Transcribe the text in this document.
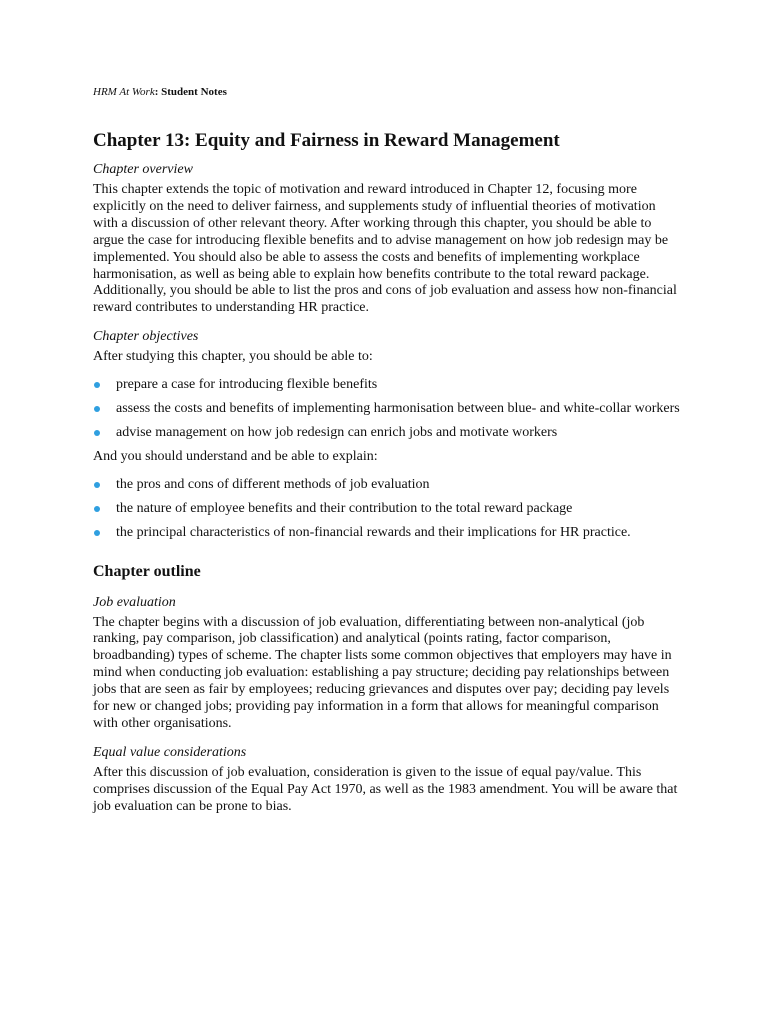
HRM At Work: Student Notes
Chapter 13: Equity and Fairness in Reward Management
Chapter overview

This chapter extends the topic of motivation and reward introduced in Chapter 12, focusing more explicitly on the need to deliver fairness, and supplements study of influential theories of motivation with a discussion of other relevant theory. After working through this chapter, you should be able to argue the case for introducing flexible benefits and to advise management on how job redesign may be implemented. You should also be able to assess the costs and benefits of implementing workplace harmonisation, as well as being able to explain how benefits contribute to the total reward package. Additionally, you should be able to list the pros and cons of job evaluation and assess how non-financial reward contributes to understanding HR practice.

Chapter objectives

After studying this chapter, you should be able to:

prepare a case for introducing flexible benefits
assess the costs and benefits of implementing harmonisation between blue- and white-collar workers
advise management on how job redesign can enrich jobs and motivate workers

And you should understand and be able to explain:

the pros and cons of different methods of job evaluation
the nature of employee benefits and their contribution to the total reward package
the principal characteristics of non-financial rewards and their implications for HR practice.
Chapter outline
Job evaluation

The chapter begins with a discussion of job evaluation, differentiating between non-analytical (job ranking, pay comparison, job classification) and analytical (points rating, factor comparison, broadbanding) types of scheme. The chapter lists some common objectives that employers may have in mind when conducting job evaluation: establishing a pay structure; deciding pay relationships between jobs that are seen as fair by employees; reducing grievances and disputes over pay; deciding pay levels for new or changed jobs; providing pay information in a form that allows for meaningful comparison with other organisations.

Equal value considerations

After this discussion of job evaluation, consideration is given to the issue of equal pay/value. This comprises discussion of the Equal Pay Act 1970, as well as the 1983 amendment. You will be aware that job evaluation can be prone to bias.
